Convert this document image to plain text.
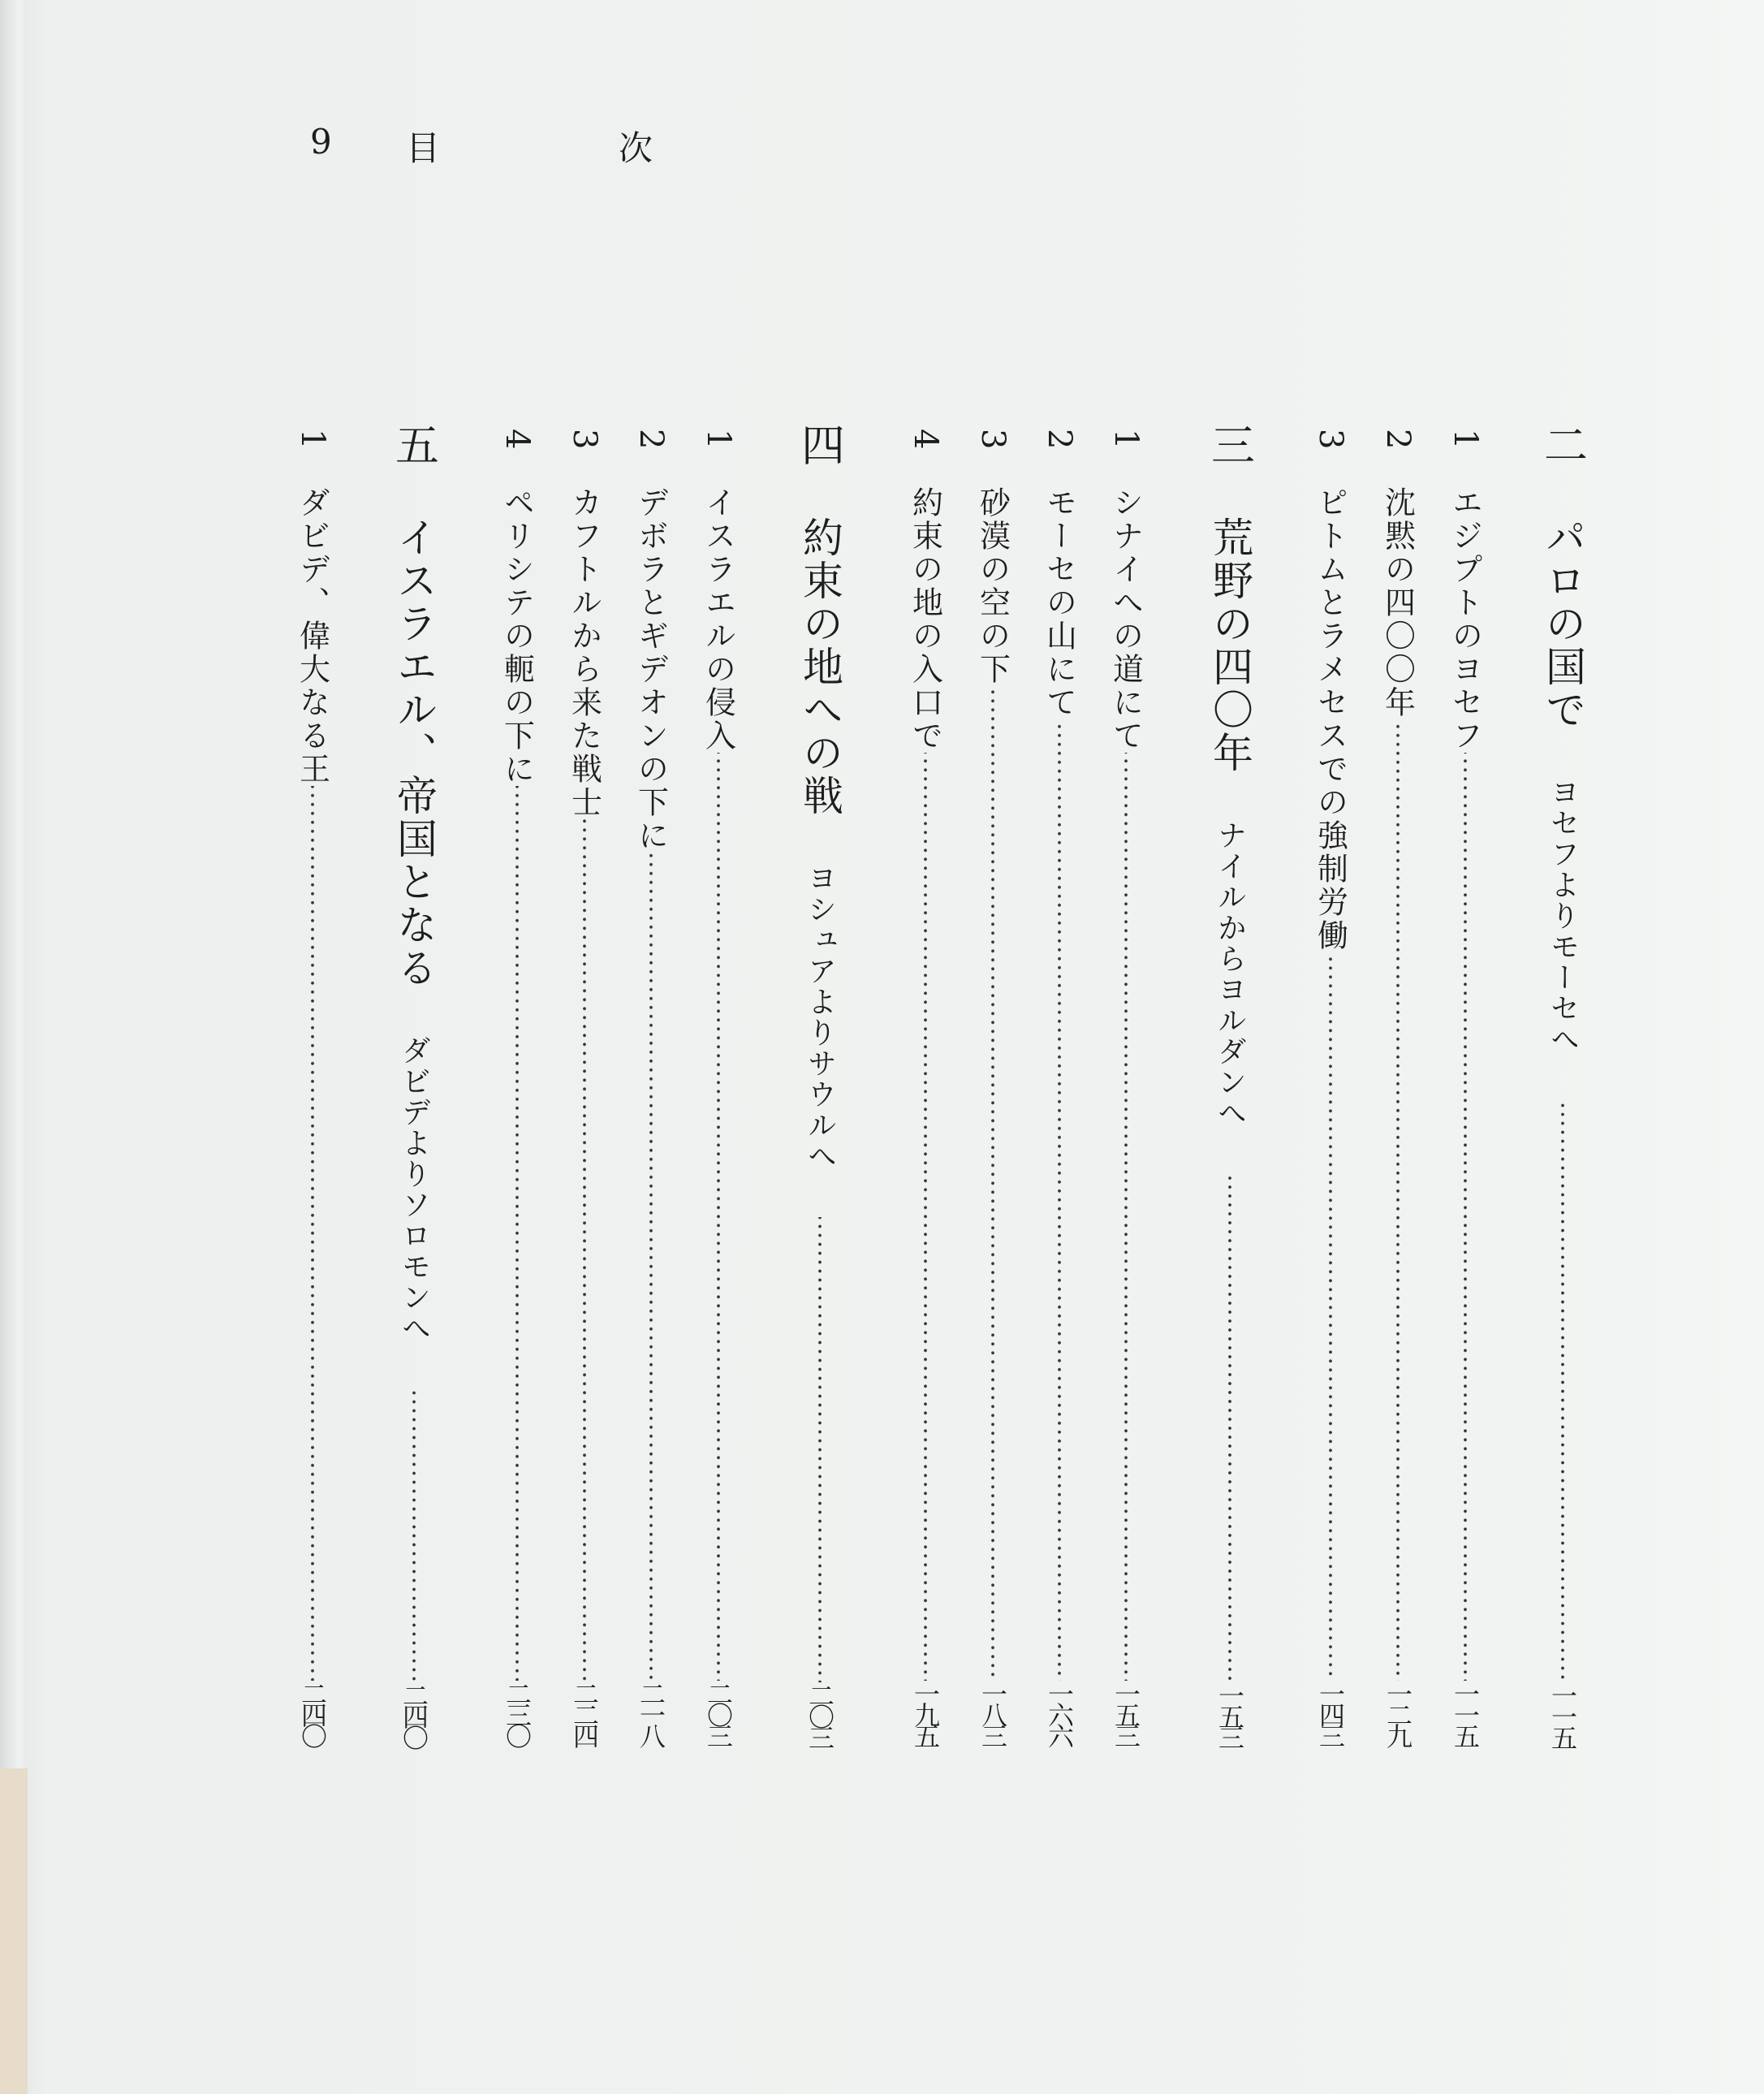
9 目	次
二
パロの国で
ヨセフよりモーセへ
一一五
1
エジプトのヨセフ
一一五
2
沈黙の四〇〇年
一二九
3
ピトムとラメセスでの強制労働
一四三
三
荒野の四〇年
ナイルからヨルダンへ
一五三
1
シナイへの道にて
一五三
2
モーセの山にて
一六六
3
砂漠の空の下
一八三
4
約束の地の入口で
一九五
四
約束の地への戦
ヨシュアよりサウルへ
二〇三
1
イスラエルの侵入
二〇三
2
デボラとギデオンの下に
二一八
3
カフトルから来た戦士
二二四
4
ペリシテの軛の下に
二三〇
五
イスラエル、帝国となる
ダビデよりソロモンへ
二四〇
1
ダビデ、偉大なる王
二四〇
